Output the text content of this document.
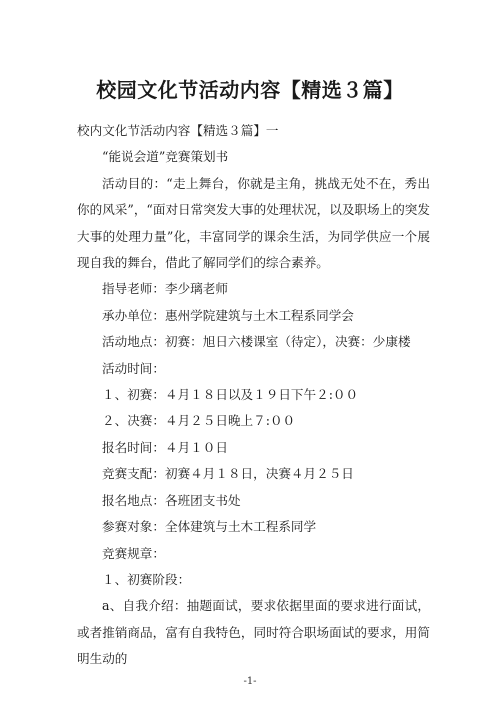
校园文化节活动内容【精选３篇】

校内文化节活动内容【精选３篇】一

“能说会道”竞赛策划书

活动目的：“走上舞台，你就是主角，挑战无处不在，秀出你的风采”，“面对日常突发大事的处理状况，以及职场上的突发大事的处理力量”化，丰富同学的课余生活，为同学供应一个展现自我的舞台，借此了解同学们的综合素养。

指导老师：李少璃老师

承办单位：惠州学院建筑与土木工程系同学会

活动地点：初赛：旭日六楼课室（待定），决赛：少康楼

活动时间：

１、初赛：４月１８日以及１９日下午２:００

２、决赛：４月２５日晚上７:００

报名时间：４月１０日

竞赛支配：初赛４月１８日，决赛４月２５日

报名地点：各班团支书处

参赛对象：全体建筑与土木工程系同学

竞赛规章：

１、初赛阶段：

a、自我介绍：抽题面试，要求依据里面的要求进行面试，或者推销商品，富有自我特色，同时符合职场面试的要求，用简明生动的

-1-
